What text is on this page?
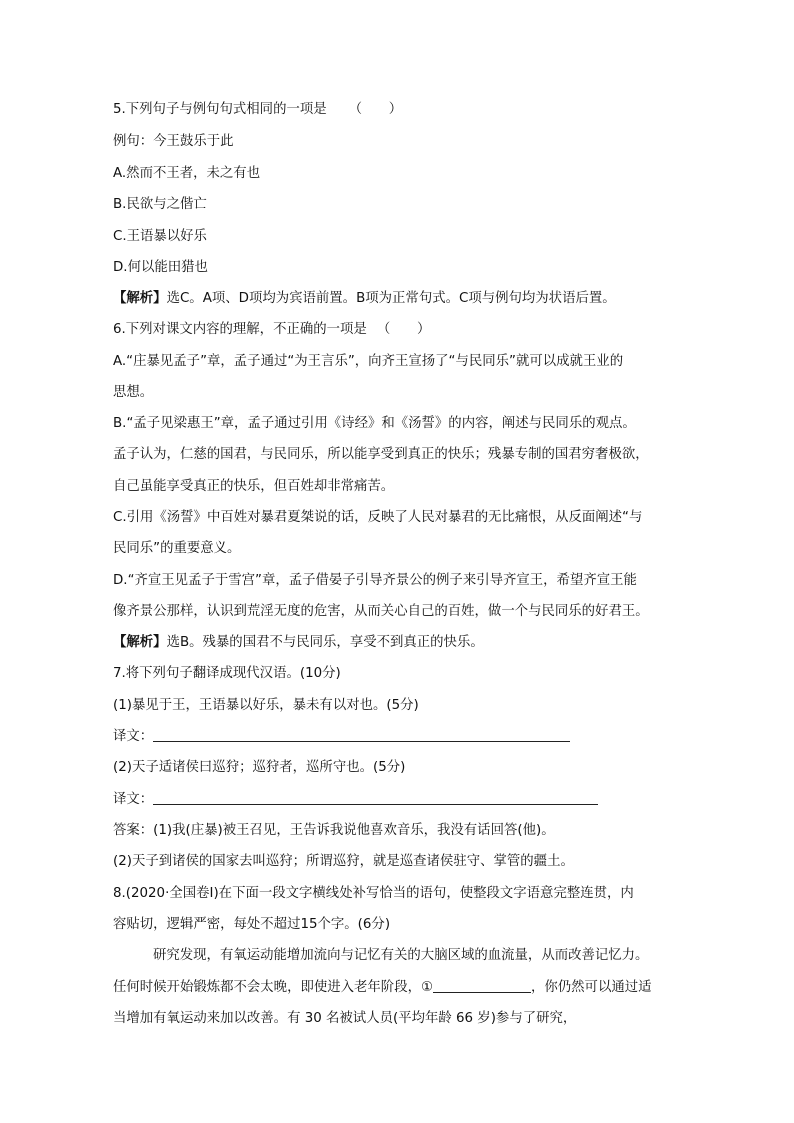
5.下列句子与例句句式相同的一项是 （　　）
例句：今王鼓乐于此
A.然而不王者，未之有也
B.民欲与之偕亡
C.王语暴以好乐
D.何以能田猎也
【解析】选C。A项、D项均为宾语前置。B项为正常句式。C项与例句均为状语后置。
6.下列对课文内容的理解，不正确的一项是 （　　）
A.“庄暴见孟子”章，孟子通过“为王言乐”，向齐王宣扬了“与民同乐”就可以成就王业的
思想。
B.“孟子见梁惠王”章，孟子通过引用《诗经》和《汤誓》的内容，阐述与民同乐的观点。
孟子认为，仁慈的国君，与民同乐，所以能享受到真正的快乐；残暴专制的国君穷奢极欲，
自己虽能享受真正的快乐，但百姓却非常痛苦。
C.引用《汤誓》中百姓对暴君夏桀说的话，反映了人民对暴君的无比痛恨，从反面阐述“与
民同乐”的重要意义。
D.“齐宣王见孟子于雪宫”章，孟子借晏子引导齐景公的例子来引导齐宣王，希望齐宣王能
像齐景公那样，认识到荒淫无度的危害，从而关心自己的百姓，做一个与民同乐的好君王。
【解析】选B。残暴的国君不与民同乐，享受不到真正的快乐。
7.将下列句子翻译成现代汉语。(10分)
(1)暴见于王，王语暴以好乐，暴未有以对也。(5分)
译文：
(2)天子适诸侯曰巡狩；巡狩者，巡所守也。(5分)
译文：
答案：(1)我(庄暴)被王召见，王告诉我说他喜欢音乐，我没有话回答(他)。
(2)天子到诸侯的国家去叫巡狩；所谓巡狩，就是巡查诸侯驻守、掌管的疆土。
8.(2020·全国卷Ⅰ)在下面一段文字横线处补写恰当的语句，使整段文字语意完整连贯，内
容贴切，逻辑严密，每处不超过15个字。(6分)
研究发现，有氧运动能增加流向与记忆有关的大脑区域的血流量，从而改善记忆力。
任何时候开始锻炼都不会太晚，即使进入老年阶段，①	，你仍然可以通过适
当增加有氧运动来加以改善。有 30 名被试人员(平均年龄 66 岁)参与了研究，
